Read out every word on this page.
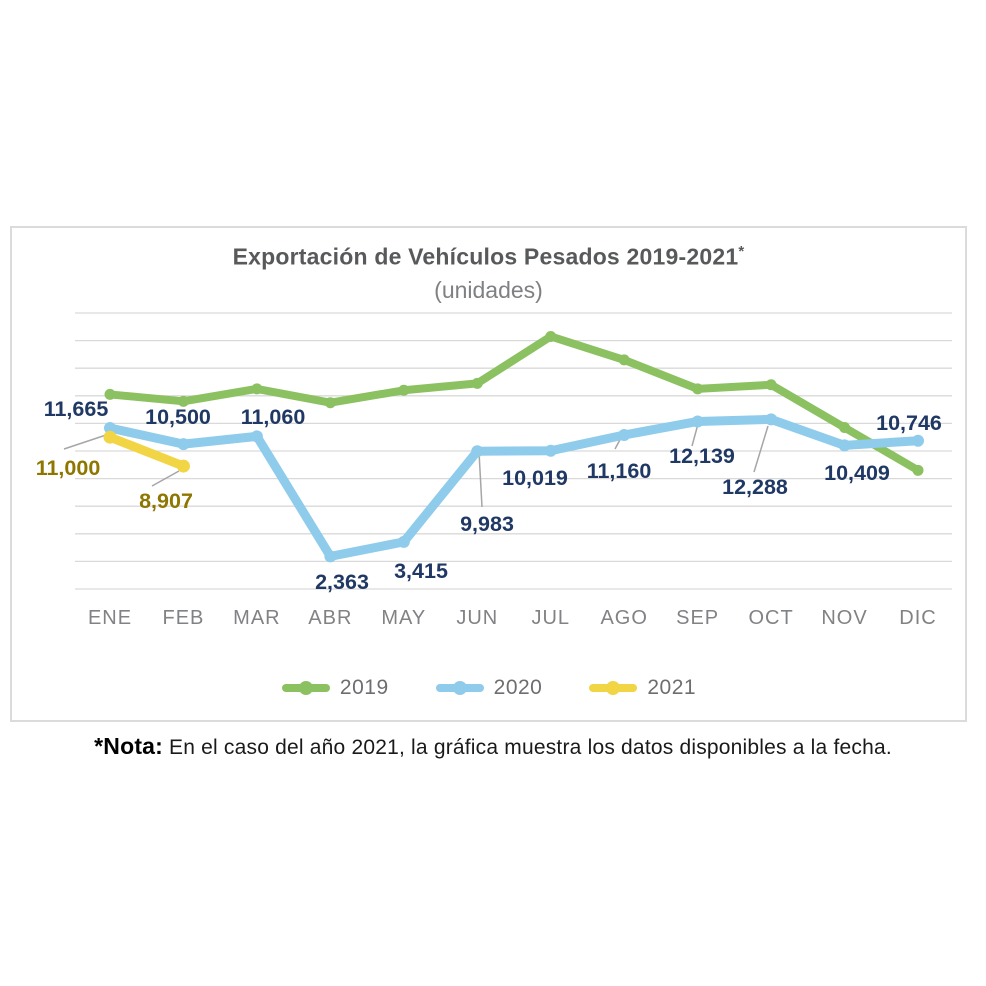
Exportación de Vehículos Pesados 2019-2021*
(unidades)
11,665 10,500 11,060
2,363 3,415
9,983
10,019 11,160
12,139
12,288
10,409
10,746
11,000
8,907
ENE FEB MAR ABR MAY JUN JUL AGO SEP OCT NOV DIC
2019	2020	2021
*Nota: En el caso del año 2021, la gráfica muestra los datos disponibles a la fecha.
